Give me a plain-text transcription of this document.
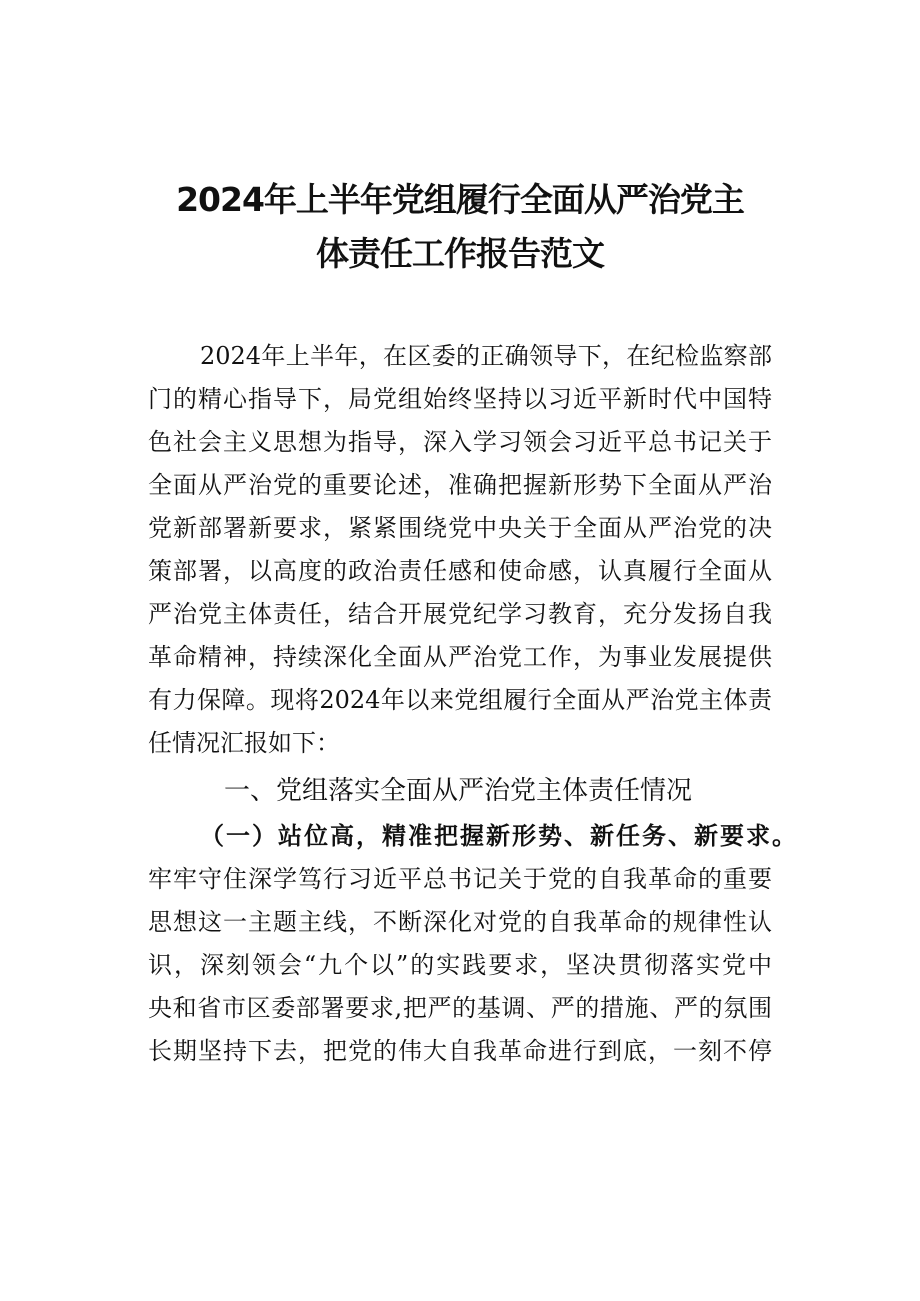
2024年上半年党组履行全面从严治党主
体责任工作报告范文
2024年上半年，在区委的正确领导下，在纪检监察部
门的精心指导下，局党组始终坚持以习近平新时代中国特
色社会主义思想为指导，深入学习领会习近平总书记关于
全面从严治党的重要论述，准确把握新形势下全面从严治
党新部署新要求，紧紧围绕党中央关于全面从严治党的决
策部署，以高度的政治责任感和使命感，认真履行全面从
严治党主体责任，结合开展党纪学习教育，充分发扬自我
革命精神，持续深化全面从严治党工作，为事业发展提供
有力保障。现将2024年以来党组履行全面从严治党主体责
任情况汇报如下：
一、党组落实全面从严治党主体责任情况
（一）站位高，精准把握新形势、新任务、新要求。
牢牢守住深学笃行习近平总书记关于党的自我革命的重要
思想这一主题主线，不断深化对党的自我革命的规律性认
识，深刻领会“九个以”的实践要求，坚决贯彻落实党中
央和省市区委部署要求,把严的基调、严的措施、严的氛围
长期坚持下去，把党的伟大自我革命进行到底，一刻不停
